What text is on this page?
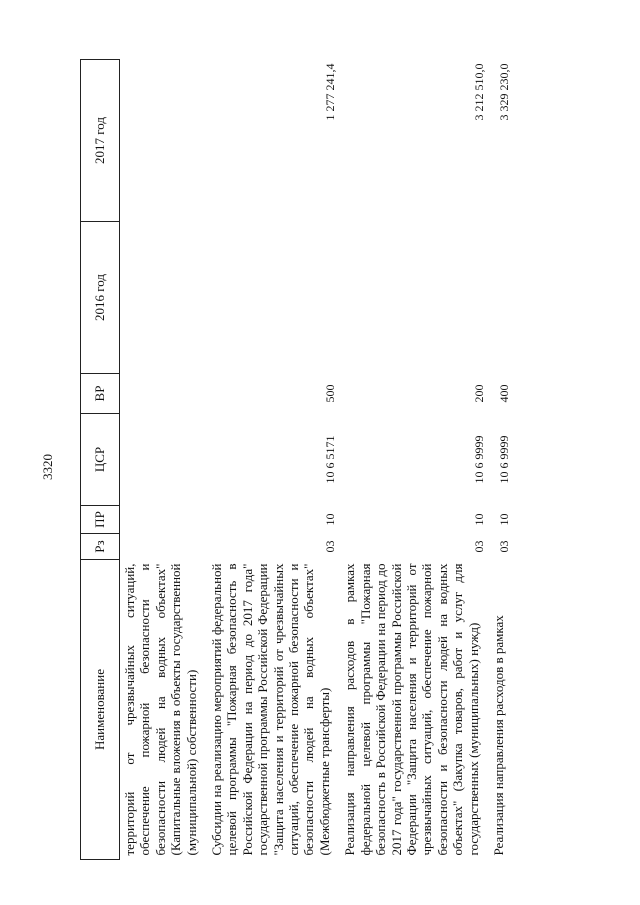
3320
Наименование	Рз	ПР	ЦСР	ВР	2016 год	2017 год
территорий от чрезвычайных ситуаций, обеспечение пожарной безопасности и безопасности людей на водных объектах" (Капитальные вложения в объекты государственной (муниципальной) собственности)						
Субсидии на реализацию мероприятий федеральной целевой программы "Пожарная безопасность в Российской Федерации на период до 2017 года" государственной программы Российской Федерации "Защита населения и территорий от чрезвычайных ситуаций, обеспечение пожарной безопасности и безопасности людей на водных объектах" (Межбюджетные трансферты)	03	10	10 6 5171	500		1 277 241,4
Реализация направления расходов в рамках федеральной целевой программы "Пожарная безопасность в Российской Федерации на период до 2017 года" государственной программы Российской Федерации "Защита населения и территорий от чрезвычайных ситуаций, обеспечение пожарной безопасности и безопасности людей на водных объектах" (Закупка товаров, работ и услуг для государственных (муниципальных) нужд)	03	10	10 6 9999	200		3 212 510,0
Реализация направления расходов в рамках	03	10	10 6 9999	400		3 329 230,0
